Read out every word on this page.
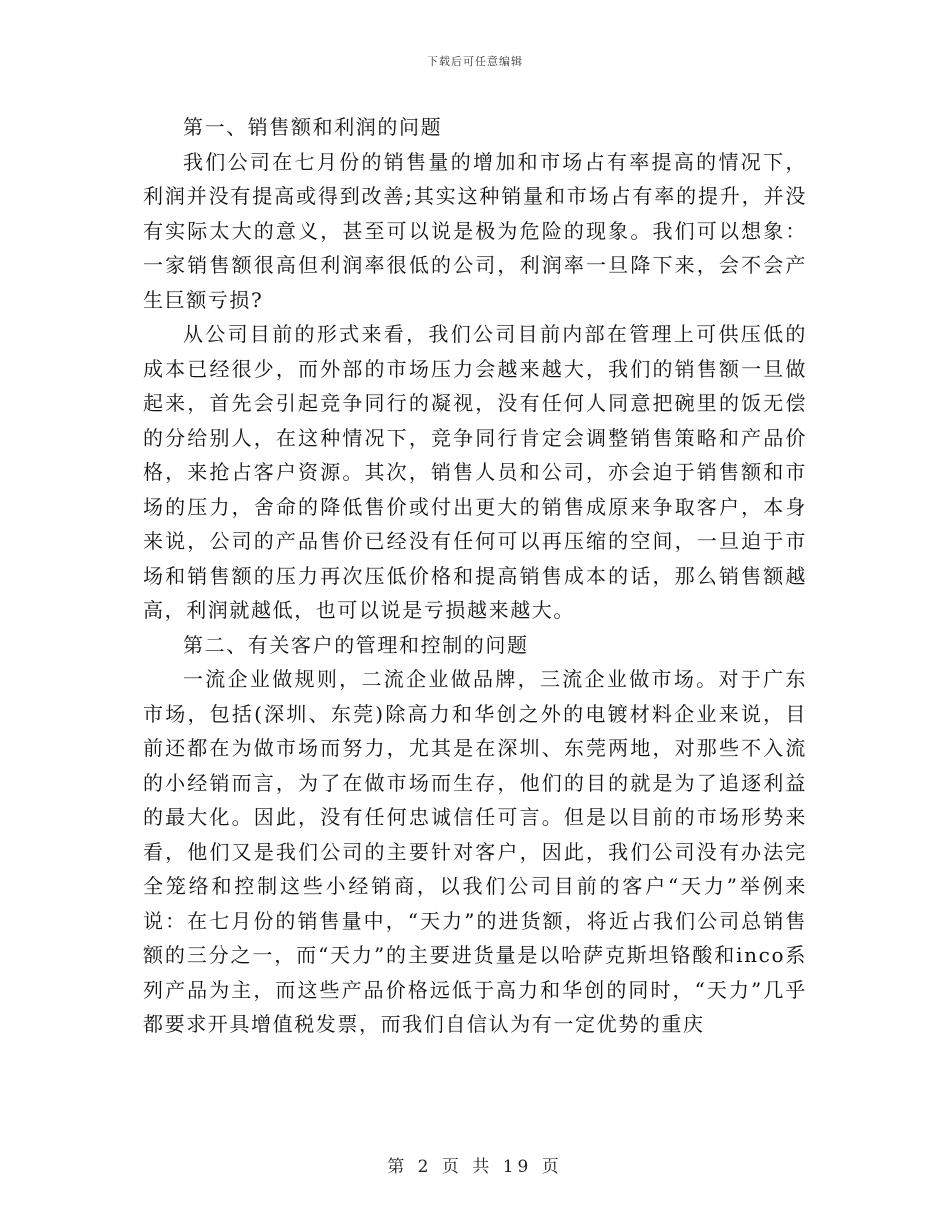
下载后可任意编辑

第一、销售额和利润的问题

我们公司在七月份的销售量的增加和市场占有率提高的情况下，利润并没有提高或得到改善;其实这种销量和市场占有率的提升，并没有实际太大的意义，甚至可以说是极为危险的现象。我们可以想象：一家销售额很高但利润率很低的公司，利润率一旦降下来，会不会产生巨额亏损?

从公司目前的形式来看，我们公司目前内部在管理上可供压低的成本已经很少，而外部的市场压力会越来越大，我们的销售额一旦做起来，首先会引起竞争同行的凝视，没有任何人同意把碗里的饭无偿的分给别人，在这种情况下，竞争同行肯定会调整销售策略和产品价格，来抢占客户资源。其次，销售人员和公司，亦会迫于销售额和市场的压力，舍命的降低售价或付出更大的销售成原来争取客户，本身来说，公司的产品售价已经没有任何可以再压缩的空间，一旦迫于市场和销售额的压力再次压低价格和提高销售成本的话，那么销售额越高，利润就越低，也可以说是亏损越来越大。

第二、有关客户的管理和控制的问题

一流企业做规则，二流企业做品牌，三流企业做市场。对于广东市场，包括(深圳、东莞)除高力和华创之外的电镀材料企业来说，目前还都在为做市场而努力，尤其是在深圳、东莞两地，对那些不入流的小经销而言，为了在做市场而生存，他们的目的就是为了追逐利益的最大化。因此，没有任何忠诚信任可言。但是以目前的市场形势来看，他们又是我们公司的主要针对客户，因此，我们公司没有办法完全笼络和控制这些小经销商，以我们公司目前的客户“天力”举例来说：在七月份的销售量中，“天力”的进货额，将近占我们公司总销售额的三分之一，而“天力”的主要进货量是以哈萨克斯坦铬酸和inco系列产品为主，而这些产品价格远低于高力和华创的同时，“天力”几乎都要求开具增值税发票，而我们自信认为有一定优势的重庆

第 2 页 共 19 页
